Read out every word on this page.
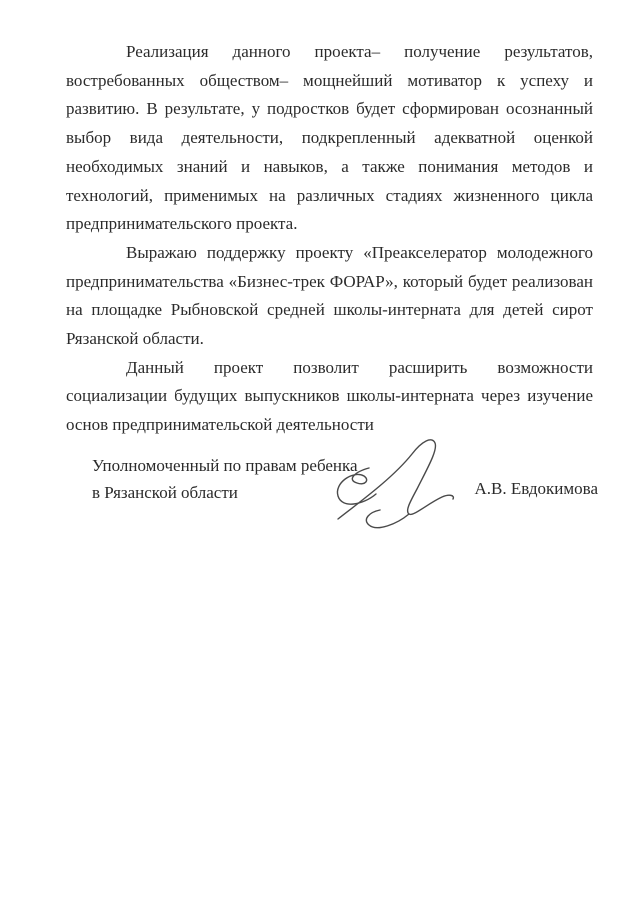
Реализация данного проекта– получение результатов, востребованных обществом– мощнейший мотиватор к успеху и развитию. В результате, у подростков будет сформирован осознанный выбор вида деятельности, подкрепленный адекватной оценкой необходимых знаний и навыков, а также понимания методов и технологий, применимых на различных стадиях жизненного цикла предпринимательского проекта.

Выражаю поддержку проекту «Преакселератор молодежного предпринимательства «Бизнес-трек ФОРАР», который будет реализован на площадке Рыбновской средней школы-интерната для детей сирот Рязанской области.

Данный проект позволит расширить возможности социализации будущих выпускников школы-интерната через изучение основ предпринимательской деятельности

Уполномоченный по правам ребенка
в Рязанской области	А.В. Евдокимова
